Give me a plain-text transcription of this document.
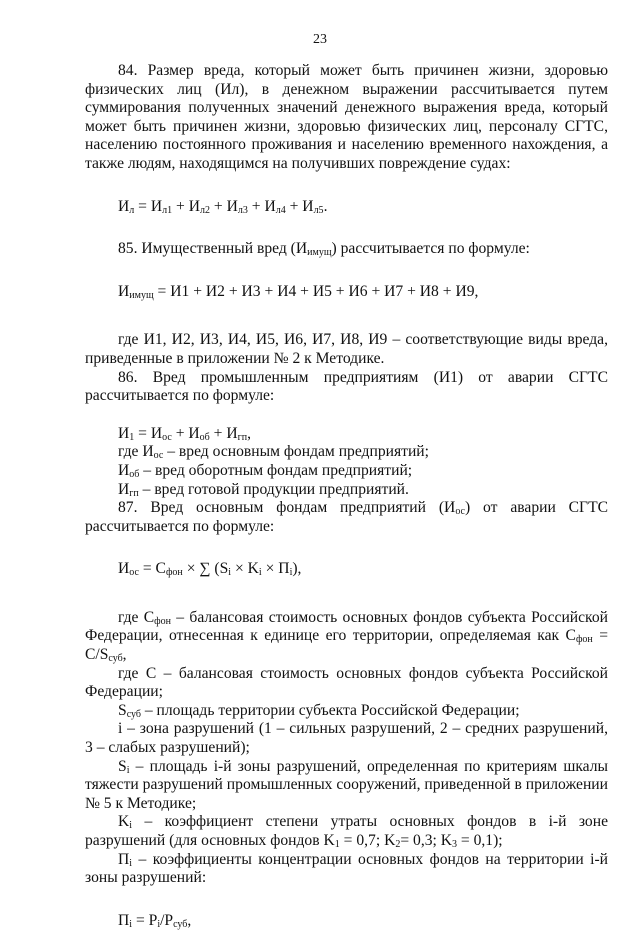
23

84. Размер вреда, который может быть причинен жизни, здоровью физических лиц (Ил), в денежном выражении рассчитывается путем суммирования полученных значений денежного выражения вреда, который может быть причинен жизни, здоровью физических лиц, персоналу СГТС, населению постоянного проживания и населению временного нахождения, а также людям, находящимся на получивших повреждение судах:

$И_л = И_{л1} + И_{л2} + И_{л3} + И_{л4} + И_{л5}$.

85. Имущественный вред $(И_{имущ})$ рассчитывается по формуле:

$И_{имущ} = И1 + И2 + И3 + И4 + И5 + И6 + И7 + И8 + И9$,

где И1, И2, И3, И4, И5, И6, И7, И8, И9 – соответствующие виды вреда, приведенные в приложении № 2 к Методике.

86. Вред промышленным предприятиям (И1) от аварии СГТС рассчитывается по формуле:

$И_1 = И_{ос} + И_{об} + И_{гп}$,

где $И_{ос}$ – вред основным фондам предприятий;

$И_{об}$ – вред оборотным фондам предприятий;

$И_{гп}$ – вред готовой продукции предприятий.

87. Вред основным фондам предприятий $(И_{ос})$ от аварии СГТС рассчитывается по формуле:

$И_{ос} = С_{фон}$ × ∑ $(S_i \times K_i \times П_i)$,

где $С_{фон}$ – балансовая стоимость основных фондов субъекта Российской Федерации, отнесенная к единице его территории, определяемая как $С_{фон} = C/S_{суб}$,

где С – балансовая стоимость основных фондов субъекта Российской Федерации;

$S_{суб}$ – площадь территории субъекта Российской Федерации;

i – зона разрушений (1 – сильных разрушений, 2 – средних разрушений, 3 – слабых разрушений);

$S_i$ – площадь i-й зоны разрушений, определенная по критериям шкалы тяжести разрушений промышленных сооружений, приведенной в приложении № 5 к Методике;

$K_i$ – коэффициент степени утраты основных фондов в i-й зоне разрушений (для основных фондов $K_1 = 0,7$; $K_2= 0,3$; $K_3 = 0,1$);

$П_i$ – коэффициенты концентрации основных фондов на территории i-й зоны разрушений:

$П_i = P_i/P_{суб}$,
